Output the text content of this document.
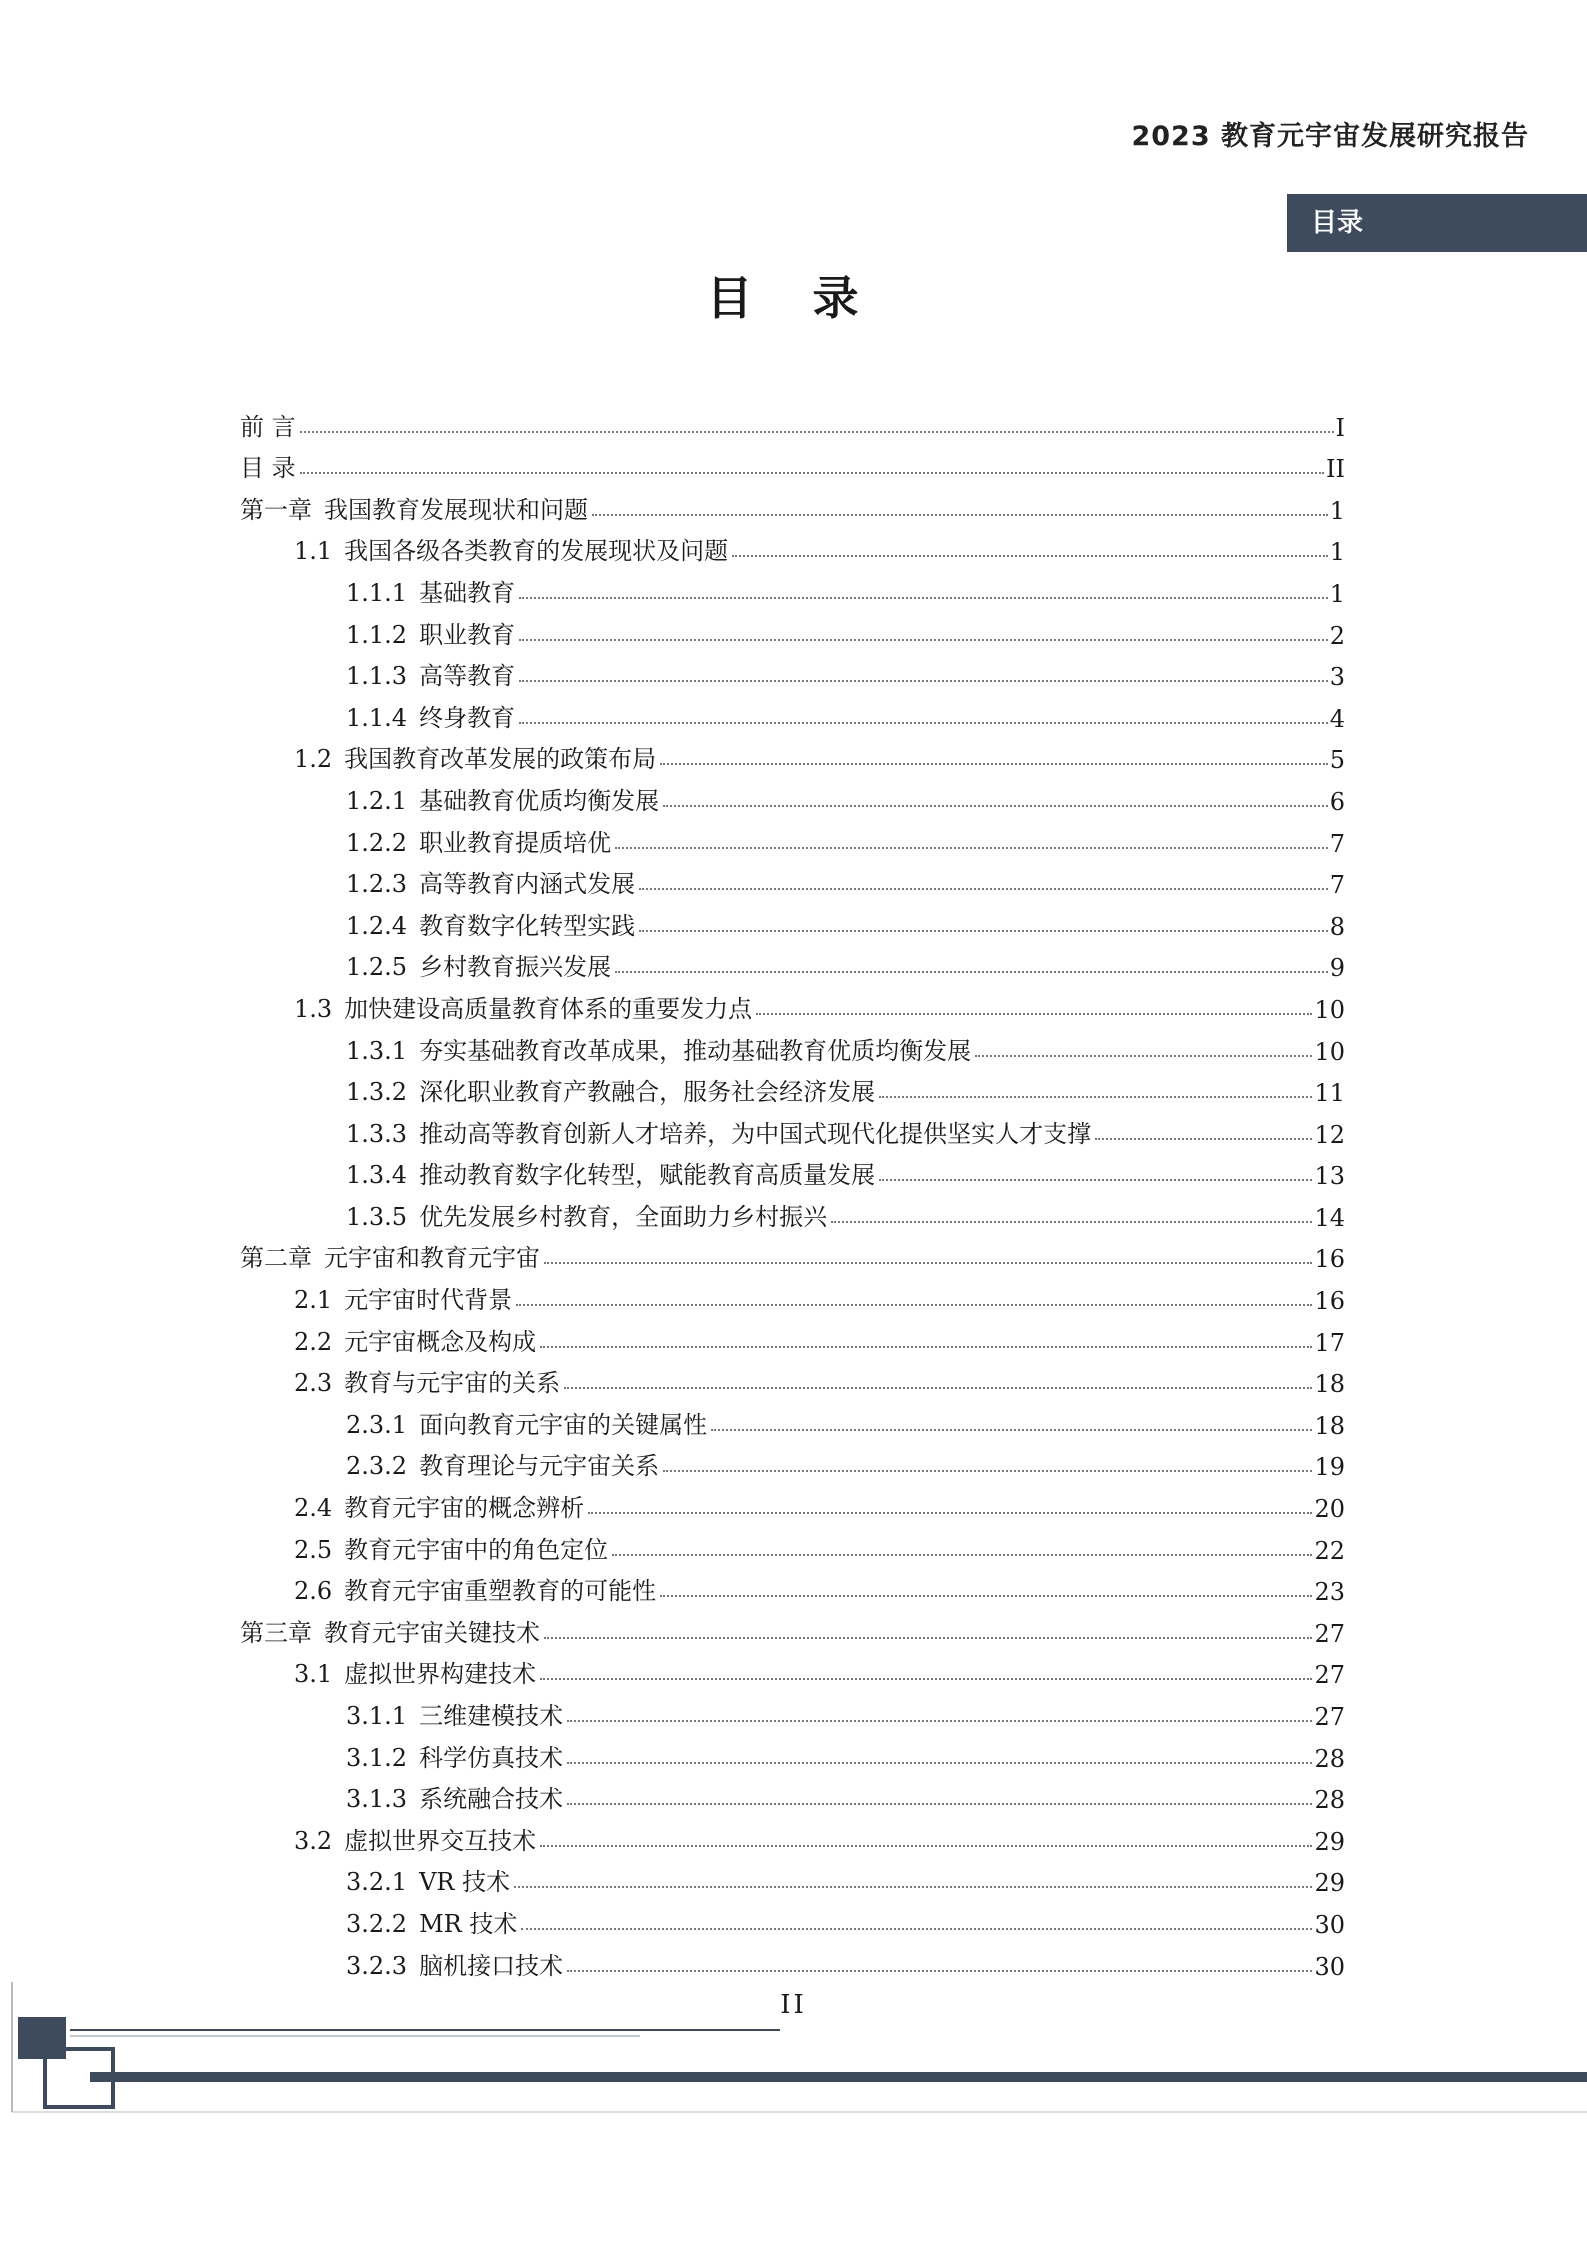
2023 教育元宇宙发展研究报告
目录
目 录
前 言	I
目 录	II
第一章 我国教育发展现状和问题	1
1.1 我国各级各类教育的发展现状及问题	1
1.1.1 基础教育	1
1.1.2 职业教育	2
1.1.3 高等教育	3
1.1.4 终身教育	4
1.2 我国教育改革发展的政策布局	5
1.2.1 基础教育优质均衡发展	6
1.2.2 职业教育提质培优	7
1.2.3 高等教育内涵式发展	7
1.2.4 教育数字化转型实践	8
1.2.5 乡村教育振兴发展	9
1.3 加快建设高质量教育体系的重要发力点	10
1.3.1 夯实基础教育改革成果，推动基础教育优质均衡发展	10
1.3.2 深化职业教育产教融合，服务社会经济发展	11
1.3.3 推动高等教育创新人才培养，为中国式现代化提供坚实人才支撑	12
1.3.4 推动教育数字化转型，赋能教育高质量发展	13
1.3.5 优先发展乡村教育，全面助力乡村振兴	14
第二章 元宇宙和教育元宇宙	16
2.1 元宇宙时代背景	16
2.2 元宇宙概念及构成	17
2.3 教育与元宇宙的关系	18
2.3.1 面向教育元宇宙的关键属性	18
2.3.2 教育理论与元宇宙关系	19
2.4 教育元宇宙的概念辨析	20
2.5 教育元宇宙中的角色定位	22
2.6 教育元宇宙重塑教育的可能性	23
第三章 教育元宇宙关键技术	27
3.1 虚拟世界构建技术	27
3.1.1 三维建模技术	27
3.1.2 科学仿真技术	28
3.1.3 系统融合技术	28
3.2 虚拟世界交互技术	29
3.2.1 VR 技术	29
3.2.2 MR 技术	30
3.2.3 脑机接口技术	30
II
